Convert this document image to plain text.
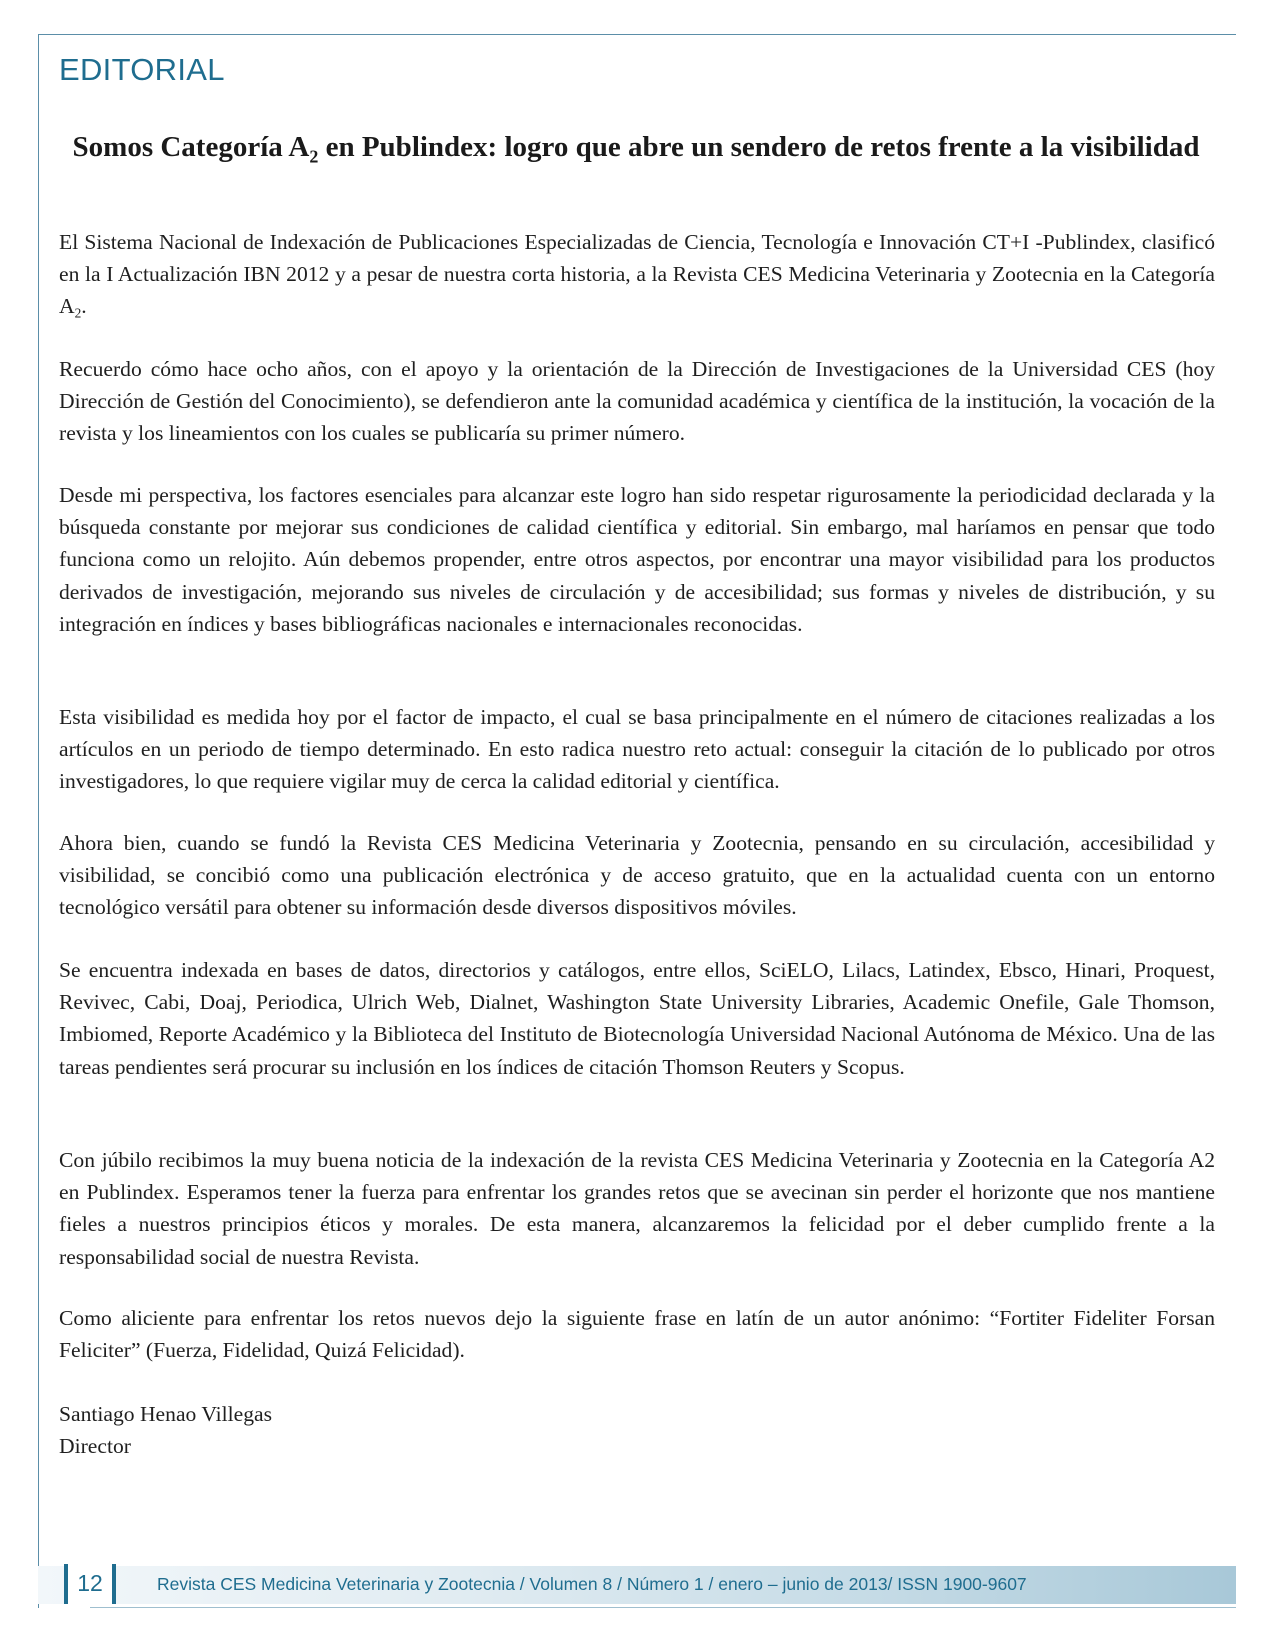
EDITORIAL
Somos Categoría $A_2$ en Publindex: logro que abre un sendero de retos frente a la visibilidad

El Sistema Nacional de Indexación de Publicaciones Especializadas de Ciencia, Tecnología e Innovación CT+I -Publindex, clasificó en la I Actualización IBN 2012 y a pesar de nuestra corta historia, a la Revista CES Medicina Veterinaria y Zootecnia en la Categoría $A_2$.

Recuerdo cómo hace ocho años, con el apoyo y la orientación de la Dirección de Investigaciones de la Universidad CES (hoy Dirección de Gestión del Conocimiento), se defendieron ante la comunidad académica y científica de la institución, la vocación de la revista y los lineamientos con los cuales se publicaría su primer número.

Desde mi perspectiva, los factores esenciales para alcanzar este logro han sido respetar rigurosamente la periodicidad declarada y la búsqueda constante por mejorar sus condiciones de calidad científica y editorial. Sin embargo, mal haríamos en pensar que todo funciona como un relojito. Aún debemos propender, entre otros aspectos, por encontrar una mayor visibilidad para los productos derivados de investigación, mejorando sus niveles de circulación y de accesibilidad; sus formas y niveles de distribución, y su integración en índices y bases bibliográficas nacionales e internacionales reconocidas.

Esta visibilidad es medida hoy por el factor de impacto, el cual se basa principalmente en el número de citaciones realizadas a los artículos en un periodo de tiempo determinado. En esto radica nuestro reto actual: conseguir la citación de lo publicado por otros investigadores, lo que requiere vigilar muy de cerca la calidad editorial y científica.

Ahora bien, cuando se fundó la Revista CES Medicina Veterinaria y Zootecnia, pensando en su circulación, accesibilidad y visibilidad, se concibió como una publicación electrónica y de acceso gratuito, que en la actualidad cuenta con un entorno tecnológico versátil para obtener su información desde diversos dispositivos móviles.

Se encuentra indexada en bases de datos, directorios y catálogos, entre ellos, SciELO, Lilacs, Latindex, Ebsco, Hinari, Proquest, Revivec, Cabi, Doaj, Periodica, Ulrich Web, Dialnet, Washington State University Libraries, Academic Onefile, Gale Thomson, Imbiomed, Reporte Académico y la Biblioteca del Instituto de Biotecnología Universidad Nacional Autónoma de México. Una de las tareas pendientes será procurar su inclusión en los índices de citación Thomson Reuters y Scopus.

Con júbilo recibimos la muy buena noticia de la indexación de la revista CES Medicina Veterinaria y Zootecnia en la Categoría A2 en Publindex. Esperamos tener la fuerza para enfrentar los grandes retos que se avecinan sin perder el horizonte que nos mantiene fieles a nuestros principios éticos y morales. De esta manera, alcanzaremos la felicidad por el deber cumplido frente a la responsabilidad social de nuestra Revista.

Como aliciente para enfrentar los retos nuevos dejo la siguiente frase en latín de un autor anónimo: “Fortiter Fideliter Forsan Feliciter” (Fuerza, Fidelidad, Quizá Felicidad).

Santiago Henao Villegas
Director
12	Revista CES Medicina Veterinaria y Zootecnia / Volumen 8 / Número 1 / enero – junio de 2013/ ISSN 1900-9607
